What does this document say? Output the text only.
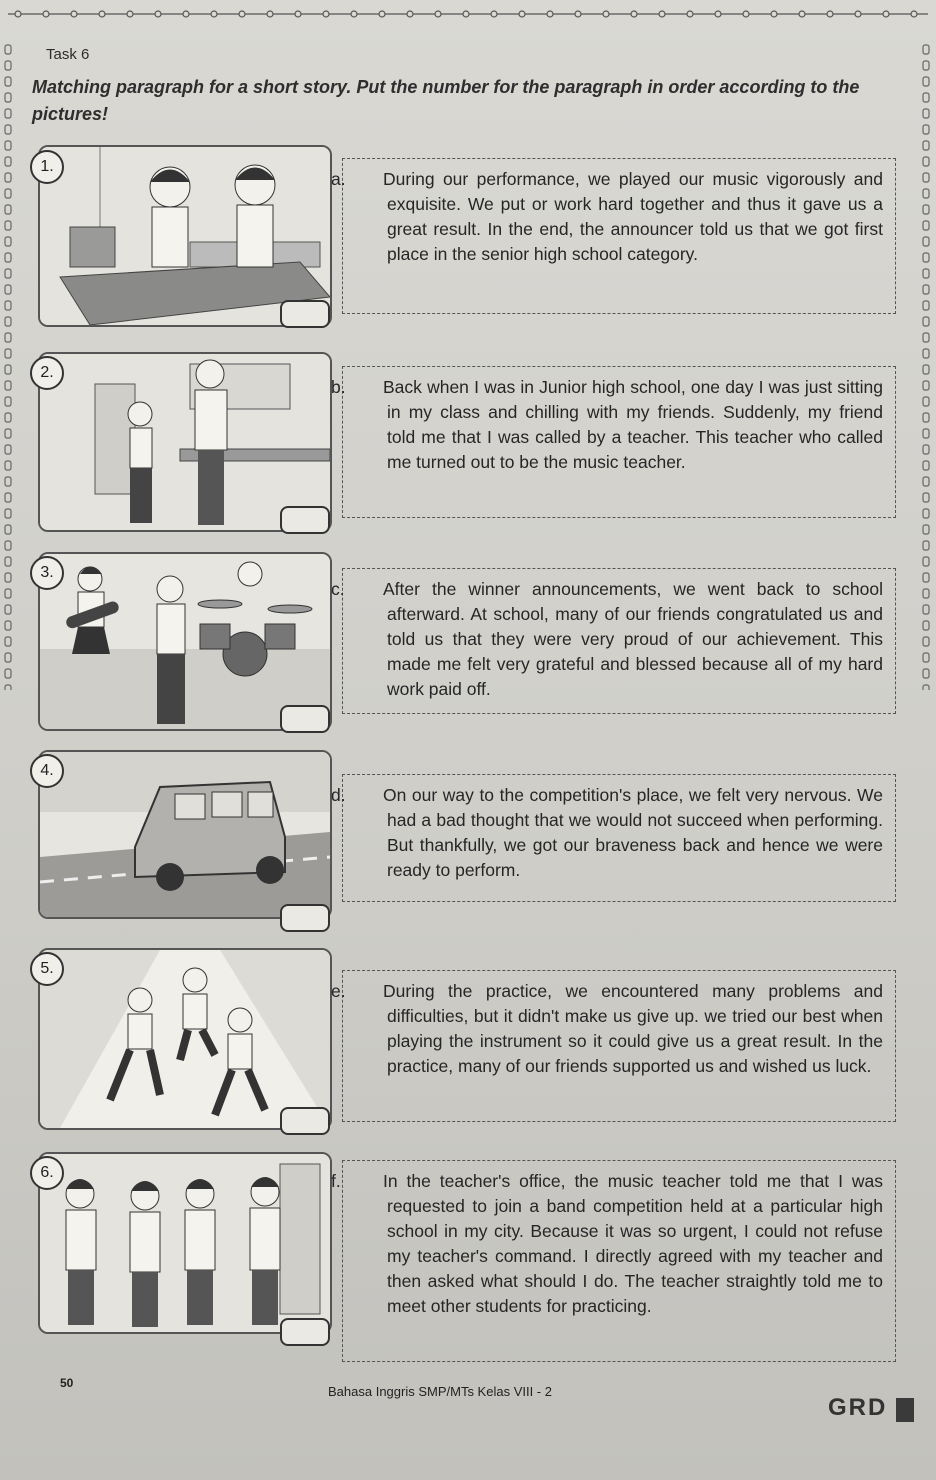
Task 6
Matching paragraph for a short story. Put the number for the paragraph in order according to the pictures!
1.
2.
3.
4.
5.
6.
a. During our performance, we played our music vigorously and exquisite. We put or work hard together and thus it gave us a great result. In the end, the announcer told us that we got first place in the senior high school category.
b. Back when I was in Junior high school, one day I was just sitting in my class and chilling with my friends. Suddenly, my friend told me that I was called by a teacher. This teacher who called me turned out to be the music teacher.
c. After the winner announcements, we went back to school afterward. At school, many of our friends congratulated us and told us that they were very proud of our achievement. This made me felt very grateful and blessed because all of my hard work paid off.
d. On our way to the competition's place, we felt very nervous. We had a bad thought that we would not succeed when performing. But thankfully, we got our braveness back and hence we were ready to perform.
e. During the practice, we encountered many problems and difficulties, but it didn't make us give up. we tried our best when playing the instrument so it could give us a great result. In the practice, many of our friends supported us and wished us luck.
f. In the teacher's office, the music teacher told me that I was requested to join a band competition held at a particular high school in my city. Because it was so urgent, I could not refuse my teacher's command. I directly agreed with my teacher and then asked what should I do. The teacher straightly told me to meet other students for practicing.
50
Bahasa Inggris SMP/MTs Kelas VIII - 2
GRD
